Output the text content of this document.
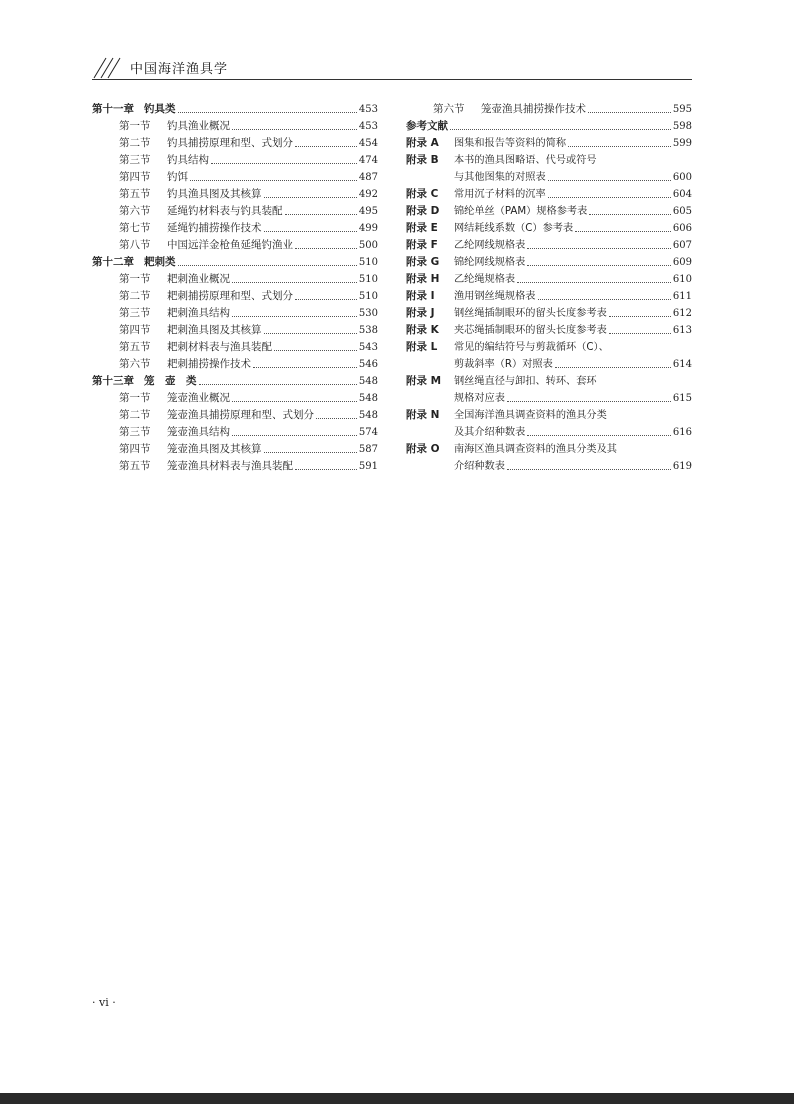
中国海洋渔具学
第十一章 钓具类	453
第一节	钓具渔业概况	453
第二节	钓具捕捞原理和型、式划分	454
第三节	钓具结构	474
第四节	钓饵	487
第五节	钓具渔具图及其核算	492
第六节	延绳钓材料表与钓具装配	495
第七节	延绳钓捕捞操作技术	499
第八节	中国远洋金枪鱼延绳钓渔业	500
第十二章 耙刺类	510
第一节	耙刺渔业概况	510
第二节	耙刺捕捞原理和型、式划分	510
第三节	耙刺渔具结构	530
第四节	耙刺渔具图及其核算	538
第五节	耙刺材料表与渔具装配	543
第六节	耙刺捕捞操作技术	546
第十三章 笼　壶　类	548
第一节	笼壶渔业概况	548
第二节	笼壶渔具捕捞原理和型、式划分	548
第三节	笼壶渔具结构	574
第四节	笼壶渔具图及其核算	587
第五节	笼壶渔具材料表与渔具装配	591
第六节	笼壶渔具捕捞操作技术	595
参考文献	598
附录 A	图集和报告等资料的简称	599
附录 B	本书的渔具图略语、代号或符号
与其他图集的对照表	600
附录 C	常用沉子材料的沉率	604
附录 D	锦纶单丝（PAM）规格参考表	605
附录 E	网结耗线系数（C）参考表	606
附录 F	乙纶网线规格表	607
附录 G	锦纶网线规格表	609
附录 H	乙纶绳规格表	610
附录 I	渔用钢丝绳规格表	611
附录 J	钢丝绳插制眼环的留头长度参考表	612
附录 K	夹芯绳插制眼环的留头长度参考表	613
附录 L	常见的编结符号与剪裁循环（C）、
剪裁斜率（R）对照表	614
附录 M	钢丝绳直径与卸扣、转环、套环
规格对应表	615
附录 N	全国海洋渔具调查资料的渔具分类
及其介绍种数表	616
附录 O	南海区渔具调查资料的渔具分类及其
介绍种数表	619
· vi ·
